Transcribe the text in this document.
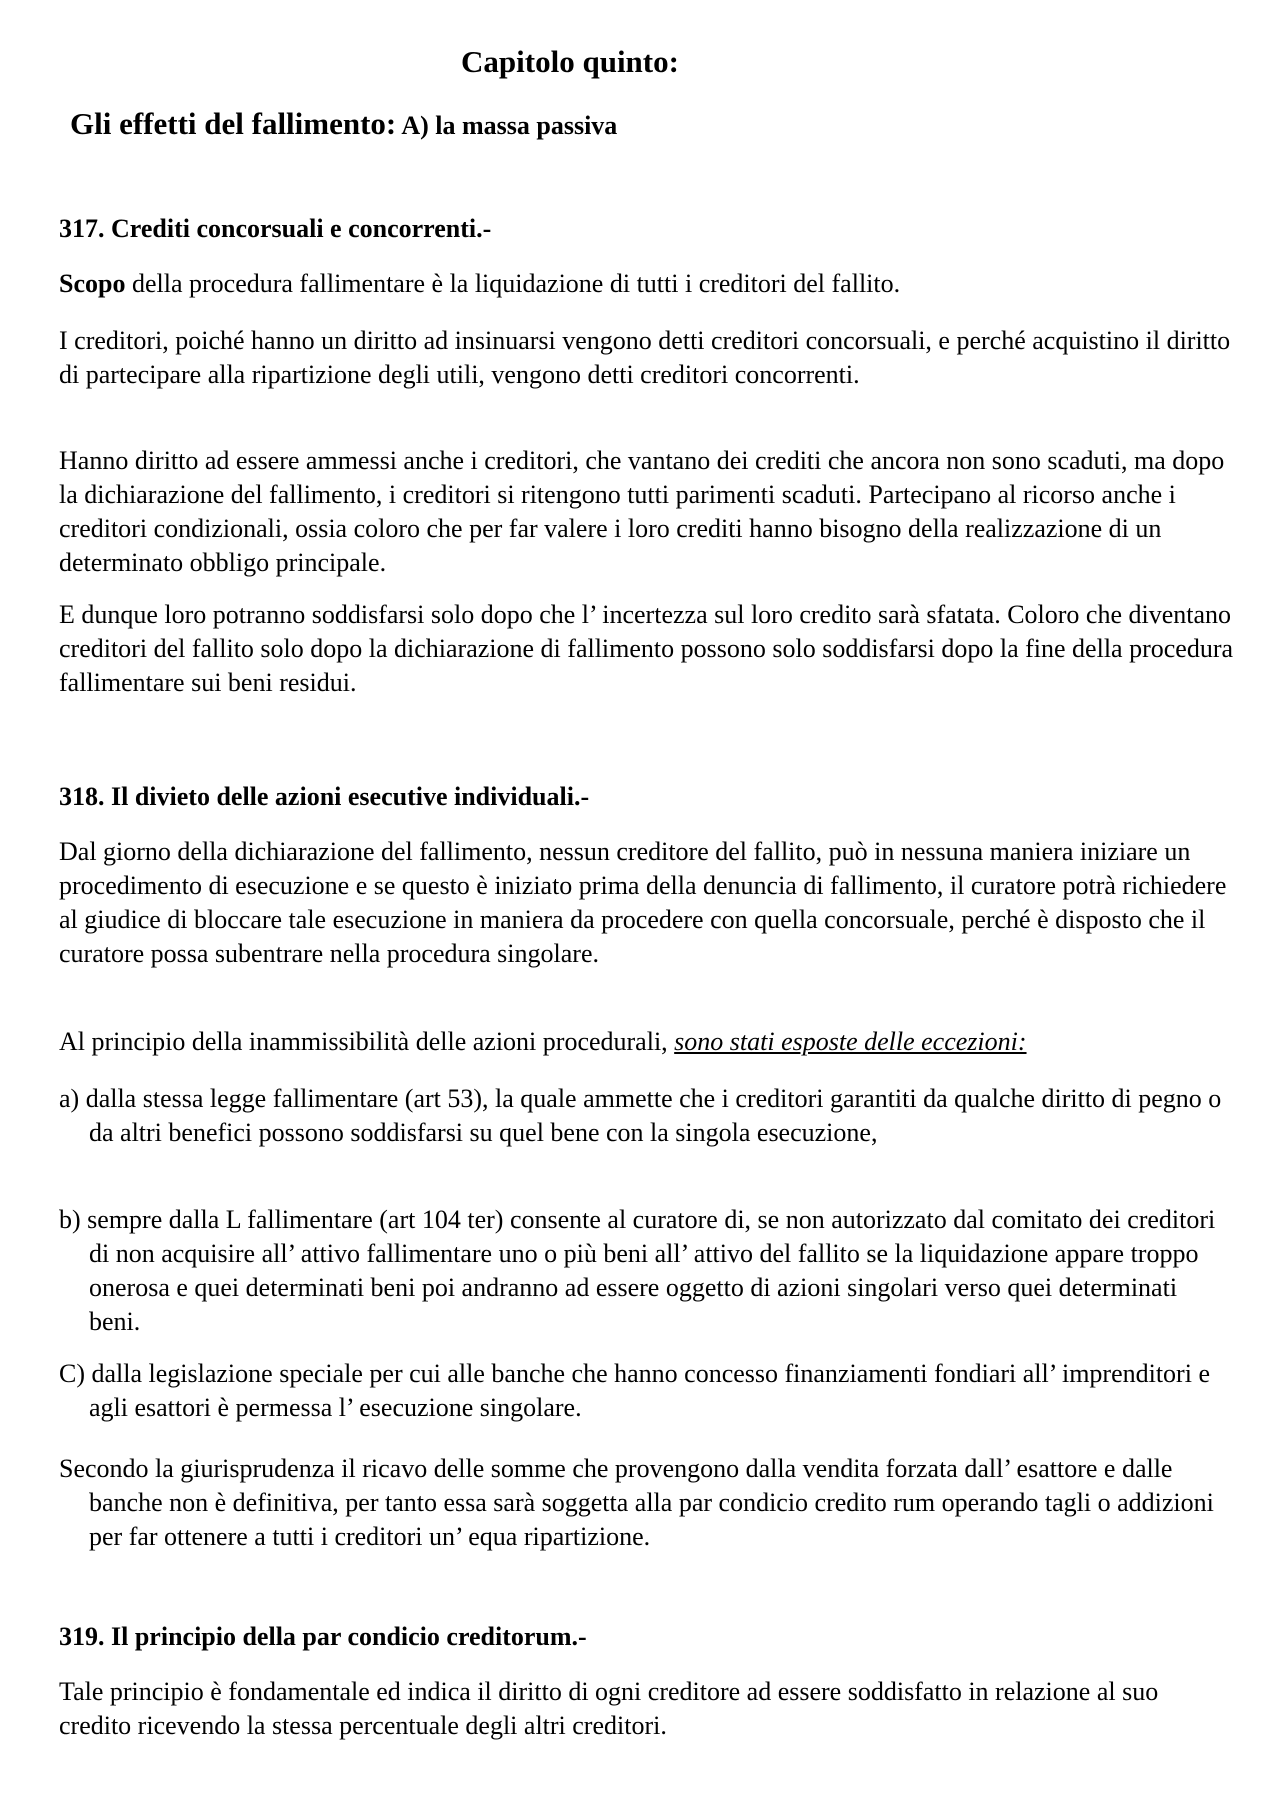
Capitolo quinto:
Gli effetti del fallimento: A) la massa passiva

317. Crediti concorsuali e concorrenti.-

Scopo della procedura fallimentare è la liquidazione di tutti i creditori del fallito.

I creditori, poiché hanno un diritto ad insinuarsi vengono detti creditori concorsuali, e perché acquistino il diritto di partecipare alla ripartizione degli utili, vengono detti creditori concorrenti.

Hanno diritto ad essere ammessi anche i creditori, che vantano dei crediti che ancora non sono scaduti, ma dopo la dichiarazione del fallimento, i creditori si ritengono tutti parimenti scaduti. Partecipano al ricorso anche i creditori condizionali, ossia coloro che per far valere i loro crediti hanno bisogno della realizzazione di un determinato obbligo principale.

E dunque loro potranno soddisfarsi solo dopo che l’ incertezza sul loro credito sarà sfatata. Coloro che diventano creditori del fallito solo dopo la dichiarazione di fallimento possono solo soddisfarsi dopo la fine della procedura fallimentare sui beni residui.

318. Il divieto delle azioni esecutive individuali.-

Dal giorno della dichiarazione del fallimento, nessun creditore del fallito, può in nessuna maniera iniziare un procedimento di esecuzione e se questo è iniziato prima della denuncia di fallimento, il curatore potrà richiedere al giudice di bloccare tale esecuzione in maniera da procedere con quella concorsuale, perché è disposto che il curatore possa subentrare nella procedura singolare.

Al principio della inammissibilità delle azioni procedurali, sono stati esposte delle eccezioni:

a) dalla stessa legge fallimentare (art 53), la quale ammette che i creditori garantiti da qualche diritto di pegno o da altri benefici possono soddisfarsi su quel bene con la singola esecuzione,

b) sempre dalla L fallimentare (art 104 ter) consente al curatore di, se non autorizzato dal comitato dei creditori di non acquisire all’ attivo fallimentare uno o più beni all’ attivo del fallito se la liquidazione appare troppo onerosa e quei determinati beni poi andranno ad essere oggetto di azioni singolari verso quei determinati beni.

C) dalla legislazione speciale per cui alle banche che hanno concesso finanziamenti fondiari all’ imprenditori e agli esattori è permessa l’ esecuzione singolare.

Secondo la giurisprudenza il ricavo delle somme che provengono dalla vendita forzata dall’ esattore e dalle banche non è definitiva, per tanto essa sarà soggetta alla par condicio credito rum operando tagli o addizioni per far ottenere a tutti i creditori un’ equa ripartizione.

319. Il principio della par condicio creditorum.-

Tale principio è fondamentale ed indica il diritto di ogni creditore ad essere soddisfatto in relazione al suo credito ricevendo la stessa percentuale degli altri creditori.
